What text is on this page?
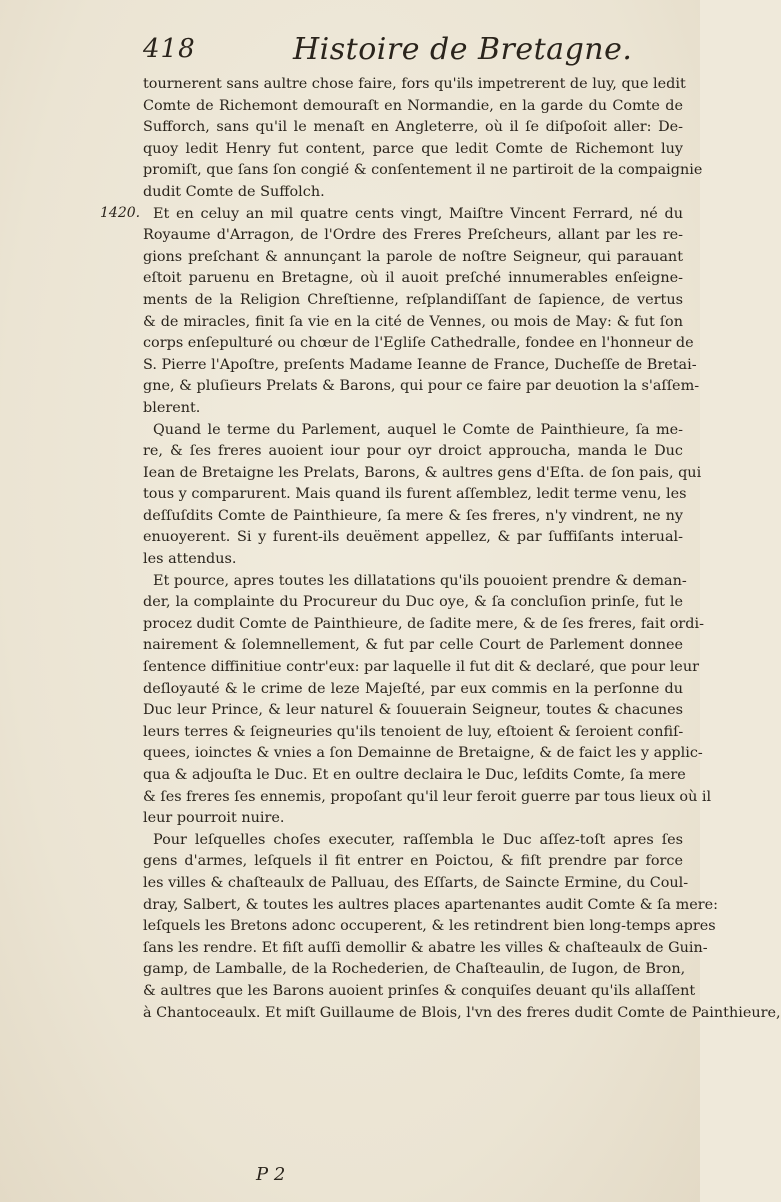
418	Histoire de Bretagne.
1420.
tournerent sans aultre chose faire, fors qu'ils impetrerent de luy, que ledit
Comte de Richemont demouraſt en Normandie, en la garde du Comte de
Sufforch, sans qu'il le menaſt en Angleterre, où il ſe diſpoſoit aller: De-
quoy ledit Henry fut content, parce que ledit Comte de Richemont luy
promiſt, que ſans ſon congié & conſentement il ne partiroit de la compaignie
dudit Comte de Suffolch.
Et en celuy an mil quatre cents vingt, Maiſtre Vincent Ferrard, né du
Royaume d'Arragon, de l'Ordre des Freres Preſcheurs, allant par les re-
gions preſchant & annunçant la parole de noſtre Seigneur, qui parauant
eſtoit paruenu en Bretagne, où il auoit preſché innumerables enſeigne-
ments de la Religion Chreſtienne, reſplandiſſant de ſapience, de vertus
& de miracles, finit ſa vie en la cité de Vennes, ou mois de May: & fut ſon
corps enſepulturé ou chœur de l'Egliſe Cathedralle, fondee en l'honneur de
S. Pierre l'Apoſtre, preſents Madame Ieanne de France, Ducheſſe de Bretai-
gne, & pluſieurs Prelats & Barons, qui pour ce faire par deuotion la s'aſſem-
blerent.
Quand le terme du Parlement, auquel le Comte de Painthieure, ſa me-
re, & ſes freres auoient iour pour oyr droict approucha, manda le Duc
Iean de Bretaigne les Prelats, Barons, & aultres gens d'Eſta. de ſon pais, qui
tous y comparurent. Mais quand ils furent aſſemblez, ledit terme venu, les
deſſuſdits Comte de Painthieure, ſa mere & ſes freres, n'y vindrent, ne ny
enuoyerent. Si y furent-ils deuëment appellez, & par ſuffiſants interual-
les attendus.
Et pource, apres toutes les dillatations qu'ils pouoient prendre & deman-
der, la complainte du Procureur du Duc oye, & ſa concluſion prinſe, fut le
procez dudit Comte de Painthieure, de ſadite mere, & de ſes freres, fait ordi-
nairement & ſolemnellement, & fut par celle Court de Parlement donnee
ſentence diffinitiue contr'eux: par laquelle il fut dit & declaré, que pour leur
deſloyauté & le crime de leze Majeſté, par eux commis en la perſonne du
Duc leur Prince, & leur naturel & ſouuerain Seigneur, toutes & chacunes
leurs terres & ſeigneuries qu'ils tenoient de luy, eſtoient & ſeroient confiſ-
quees, ioinctes & vnies a ſon Demainne de Bretaigne, & de faict les y applic-
qua & adjouſta le Duc. Et en oultre declaira le Duc, leſdits Comte, ſa mere
& ſes freres ſes ennemis, propoſant qu'il leur feroit guerre par tous lieux où il
leur pourroit nuire.
Pour leſquelles choſes executer, raſſembla le Duc aſſez-toſt apres ſes
gens d'armes, leſquels il fit entrer en Poictou, & fiſt prendre par force
les villes & chaſteaulx de Palluau, des Eſſarts, de Saincte Ermine, du Coul-
dray, Salbert, & toutes les aultres places apartenantes audit Comte & ſa mere:
leſquels les Bretons adonc occuperent, & les retindrent bien long-temps apres
ſans les rendre. Et fiſt auſſi demollir & abatre les villes & chaſteaulx de Guin-
gamp, de Lamballe, de la Rochederien, de Chaſteaulin, de Iugon, de Bron,
& aultres que les Barons auoient prinſes & conquiſes deuant qu'ils allaſſent
à Chantoceaulx. Et miſt Guillaume de Blois, l'vn des freres dudit Comte de Painthieure,
P 2
